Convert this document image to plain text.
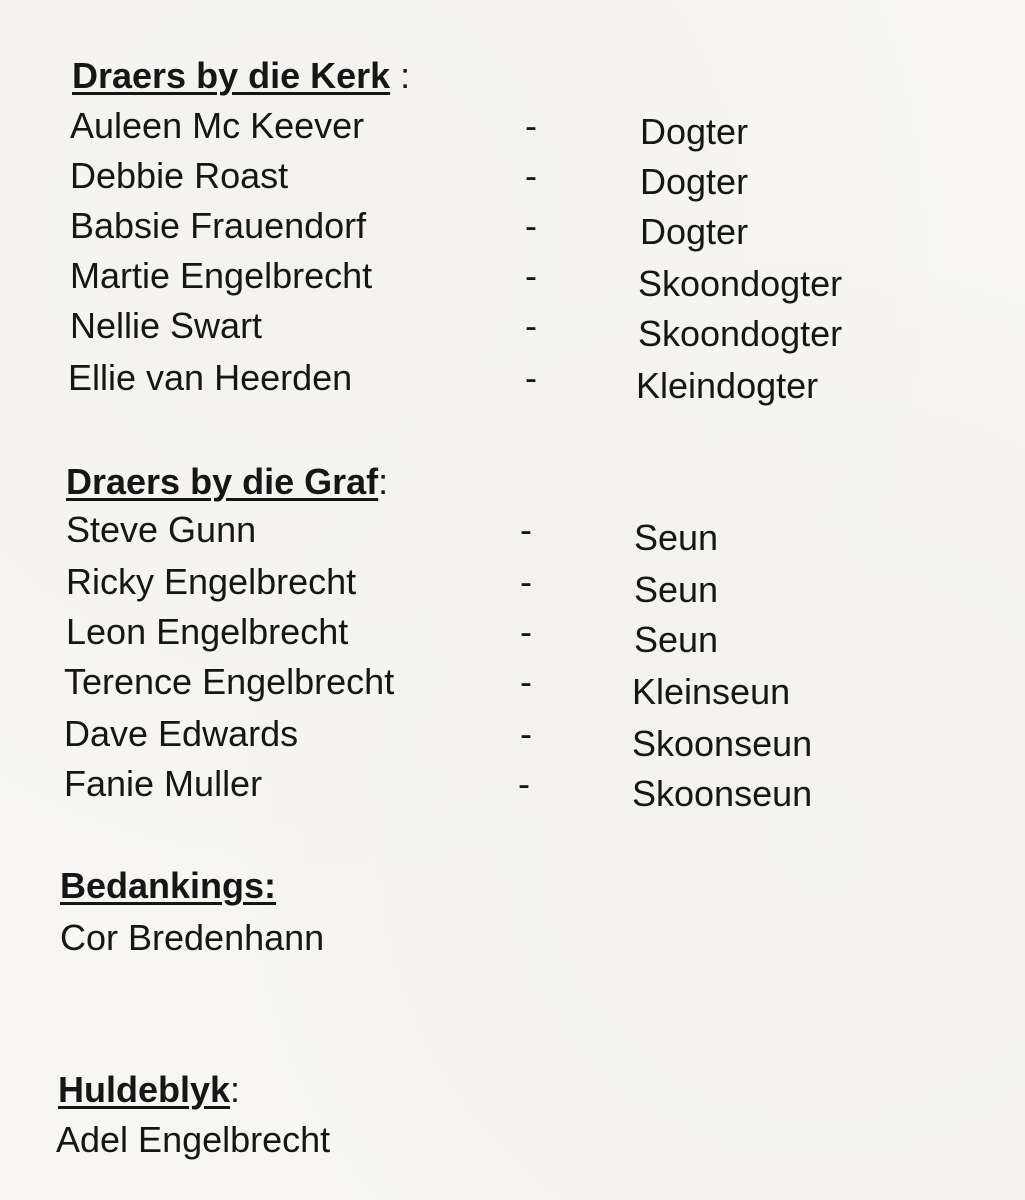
Draers by die Kerk :
Auleen Mc Keever	-	Dogter
Debbie Roast	-	Dogter
Babsie Frauendorf	-	Dogter
Martie Engelbrecht	-	Skoondogter
Nellie Swart	-	Skoondogter
Ellie van Heerden	-	Kleindogter
Draers by die Graf:
Steve Gunn	-	Seun
Ricky Engelbrecht	-	Seun
Leon Engelbrecht	-	Seun
Terence Engelbrecht	-	Kleinseun
Dave Edwards	-	Skoonseun
Fanie Muller	-	Skoonseun
Bedankings:
Cor Bredenhann
Huldeblyk:
Adel Engelbrecht
